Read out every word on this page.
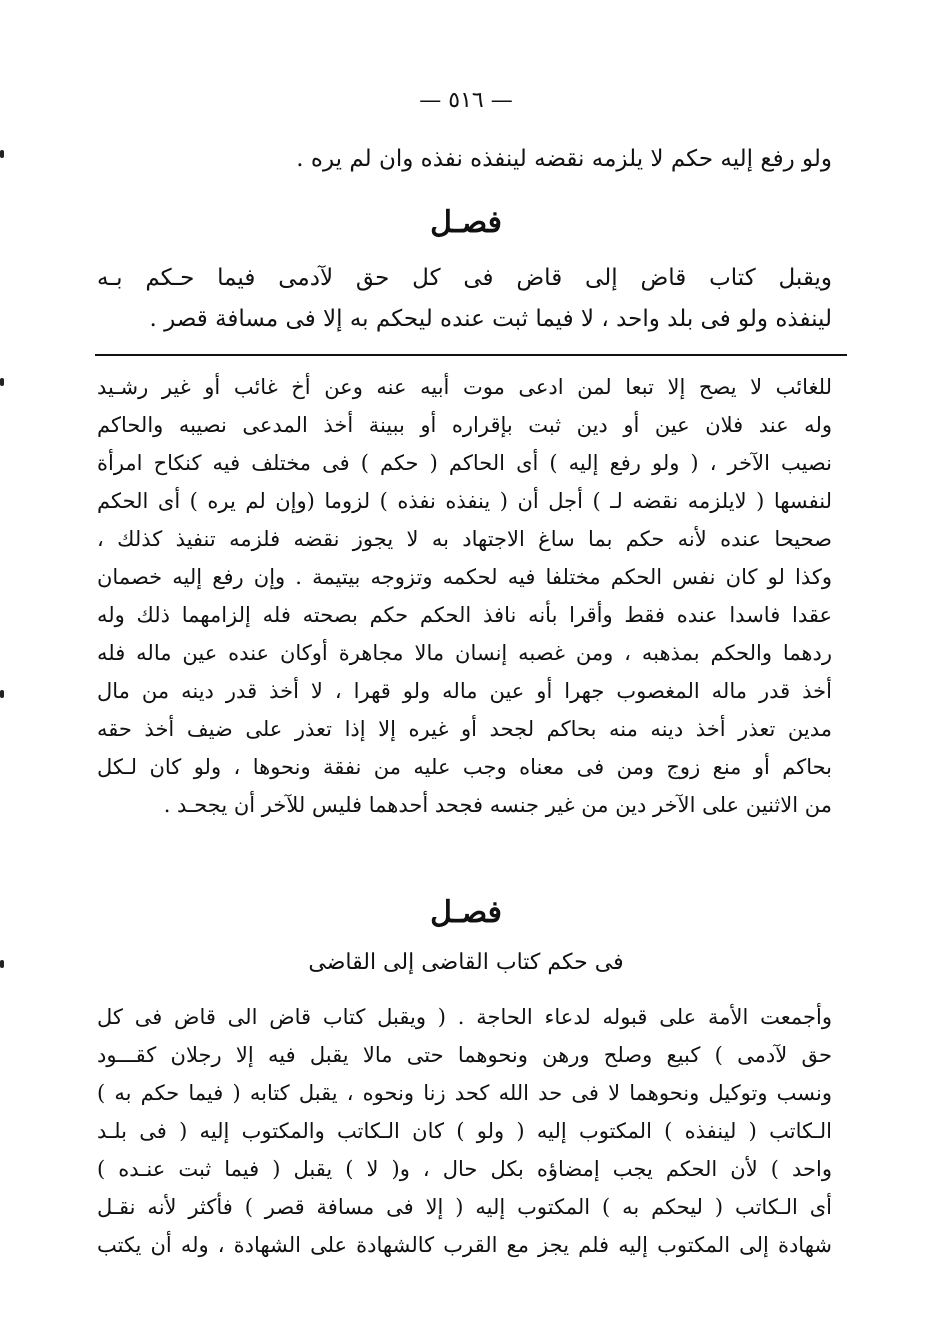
— ٥١٦ —
ولو رفع إليه حكم لا يلزمه نقضه لينفذه نفذه وان لم يره .
فصـل
ويقبل كتاب قاض إلى قاض فى كل حق لآدمى فيما حـكم بـه
لينفذه ولو فى بلد واحد ، لا فيما ثبت عنده ليحكم به إلا فى مسافة قصر .
للغائب لا يصح إلا تبعا لمن ادعى موت أبيه عنه وعن أخ غائب أو غير رشـيد
وله عند فلان عين أو دين ثبت بإقراره أو ببينة أخذ المدعى نصيبه والحاكم
نصيب الآخر ، ( ولو رفع إليه ) أى الحاكم ( حكم ) فى مختلف فيه كنكاح امرأة
لنفسها ( لايلزمه نقضه لـ ) أجل أن ( ينفذه نفذه ) لزوما (وإن لم يره ) أى الحكم
صحيحا عنده لأنه حكم بما ساغ الاجتهاد به لا يجوز نقضه فلزمه تنفيذ كذلك ،
وكذا لو كان نفس الحكم مختلفا فيه لحكمه وتزوجه بيتيمة . وإن رفع إليه خصمان
عقدا فاسدا عنده فقط وأقرا بأنه نافذ الحكم حكم بصحته فله إلزامهما ذلك وله
ردهما والحكم بمذهبه ، ومن غصبه إنسان مالا مجاهرة أوكان عنده عين ماله فله
أخذ قدر ماله المغصوب جهرا أو عين ماله ولو قهرا ، لا أخذ قدر دينه من مال
مدين تعذر أخذ دينه منه بحاكم لجحد أو غيره إلا إذا تعذر على ضيف أخذ حقه
بحاكم أو منع زوج ومن فى معناه وجب عليه من نفقة ونحوها ، ولو كان لـكل
من الاثنين على الآخر دين من غير جنسه فجحد أحدهما فليس للآخر أن يجحـد .
فصـل
فى حكم كتاب القاضى إلى القاضى
وأجمعت الأمة على قبوله لدعاء الحاجة . ( ويقبل كتاب قاض الى قاض فى كل
حق لآدمى ) كبيع وصلح ورهن ونحوهما حتى مالا يقبل فيه إلا رجلان كقـــود
ونسب وتوكيل ونحوهما لا فى حد الله كحد زنا ونحوه ، يقبل كتابه ( فيما حكم به )
الـكاتب ( لينفذه ) المكتوب إليه ( ولو ) كان الـكاتب والمكتوب إليه ( فى بلـد
واحد ) لأن الحكم يجب إمضاؤه بكل حال ، و( لا ) يقبل ( فيما ثبت عنـده )
أى الـكاتب ( ليحكم به ) المكتوب إليه ( إلا فى مسافة قصر ) فأكثر لأنه نقـل
شهادة إلى المكتوب إليه فلم يجز مع القرب كالشهادة على الشهادة ، وله أن يكتب
